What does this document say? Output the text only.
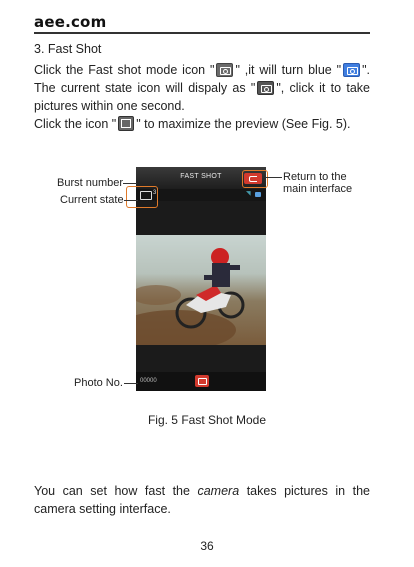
aee.com
3. Fast Shot
Click the Fast shot mode icon " " ,it will turn blue " ". The current state icon will dispaly as " ", click it to take pictures within one second.
Click the icon " " to maximize the preview (See Fig. 5).
FAST SHOT
3	◥
00000
Burst number
Current state
Return to the
main interface
Photo No.
Fig. 5 Fast Shot Mode
You can set how fast the camera takes pictures in the camera setting interface.
36
